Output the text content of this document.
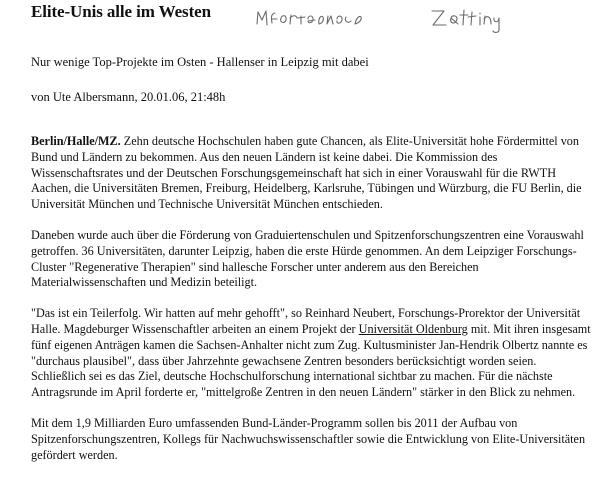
Elite-Unis alle im Westen
Nur wenige Top-Projekte im Osten - Hallenser in Leipzig mit dabei
von Ute Albersmann, 20.01.06, 21:48h

Berlin/Halle/MZ. Zehn deutsche Hochschulen haben gute Chancen, als Elite-Universität hohe Fördermittel von Bund und Ländern zu bekommen. Aus den neuen Ländern ist keine dabei. Die Kommission des Wissenschaftsrates und der Deutschen Forschungsgemeinschaft hat sich in einer Vorauswahl für die RWTH Aachen, die Universitäten Bremen, Freiburg, Heidelberg, Karlsruhe, Tübingen und Würzburg, die FU Berlin, die Universität München und Technische Universität München entschieden.

Daneben wurde auch über die Förderung von Graduiertenschulen und Spitzenforschungszentren eine Vorauswahl getroffen. 36 Universitäten, darunter Leipzig, haben die erste Hürde genommen. An dem Leipziger Forschungs-Cluster "Regenerative Therapien" sind hallesche Forscher unter anderem aus den Bereichen Materialwissenschaften und Medizin beteiligt.

"Das ist ein Teilerfolg. Wir hatten auf mehr gehofft", so Reinhard Neubert, Forschungs-Prorektor der Universität Halle. Magdeburger Wissenschaftler arbeiten an einem Projekt der Universität Oldenburg mit. Mit ihren insgesamt fünf eigenen Anträgen kamen die Sachsen-Anhalter nicht zum Zug. Kultusminister Jan-Hendrik Olbertz nannte es "durchaus plausibel", dass über Jahrzehnte gewachsene Zentren besonders berücksichtigt worden seien. Schließlich sei es das Ziel, deutsche Hochschulforschung international sichtbar zu machen. Für die nächste Antragsrunde im April forderte er, "mittelgroße Zentren in den neuen Ländern" stärker in den Blick zu nehmen.

Mit dem 1,9 Milliarden Euro umfassenden Bund-Länder-Programm sollen bis 2011 der Aufbau von Spitzenforschungszentren, Kollegs für Nachwuchswissenschaftler sowie die Entwicklung von Elite-Universitäten gefördert werden.
